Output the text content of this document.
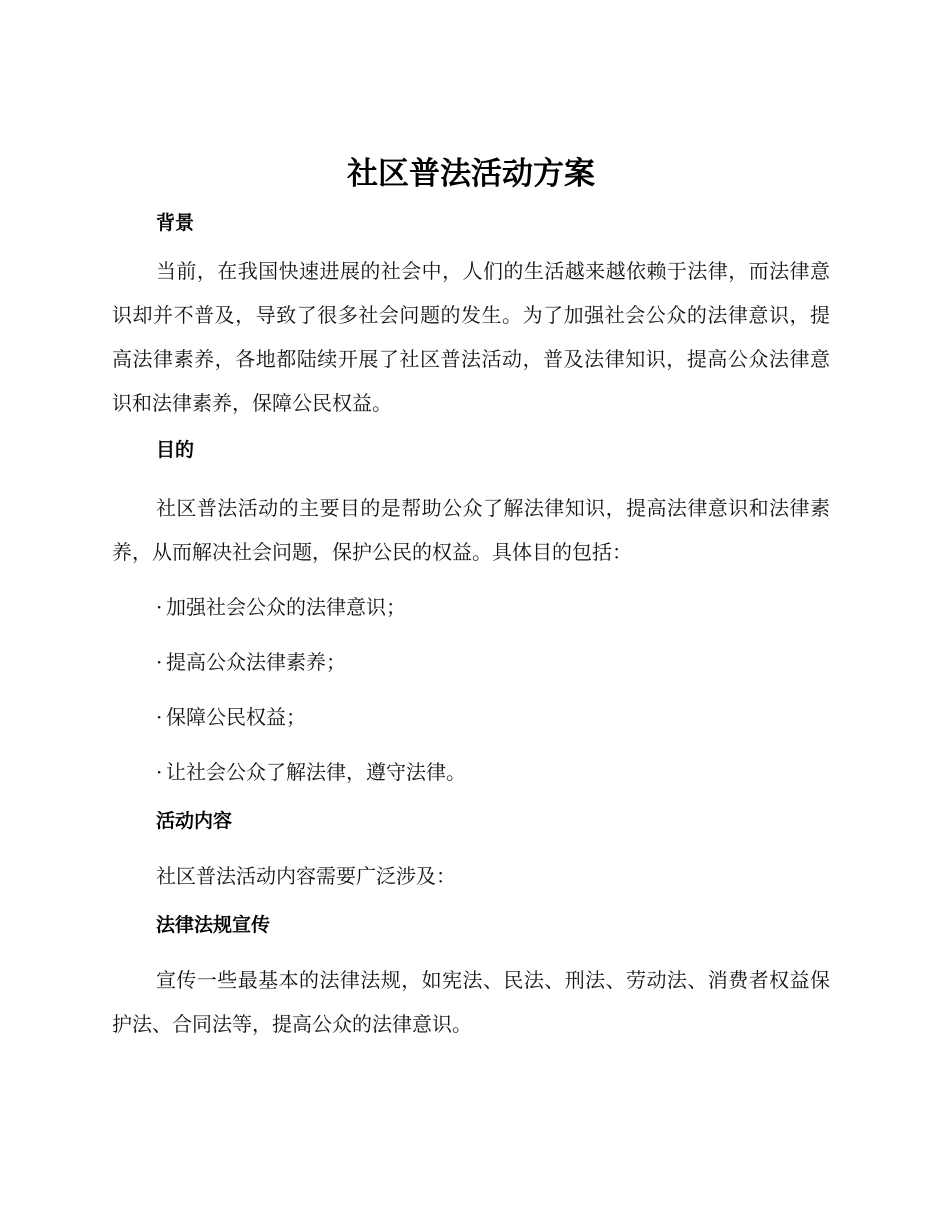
社区普法活动方案
背景

当前，在我国快速进展的社会中，人们的生活越来越依赖于法律，而法律意识却并不普及，导致了很多社会问题的发生。为了加强社会公众的法律意识，提高法律素养，各地都陆续开展了社区普法活动，普及法律知识，提高公众法律意识和法律素养，保障公民权益。

目的

社区普法活动的主要目的是帮助公众了解法律知识，提高法律意识和法律素养，从而解决社会问题，保护公民的权益。具体目的包括：

· 加强社会公众的法律意识；

· 提高公众法律素养；

· 保障公民权益；

· 让社会公众了解法律，遵守法律。

活动内容

社区普法活动内容需要广泛涉及：

法律法规宣传

宣传一些最基本的法律法规，如宪法、民法、刑法、劳动法、消费者权益保护法、合同法等，提高公众的法律意识。
